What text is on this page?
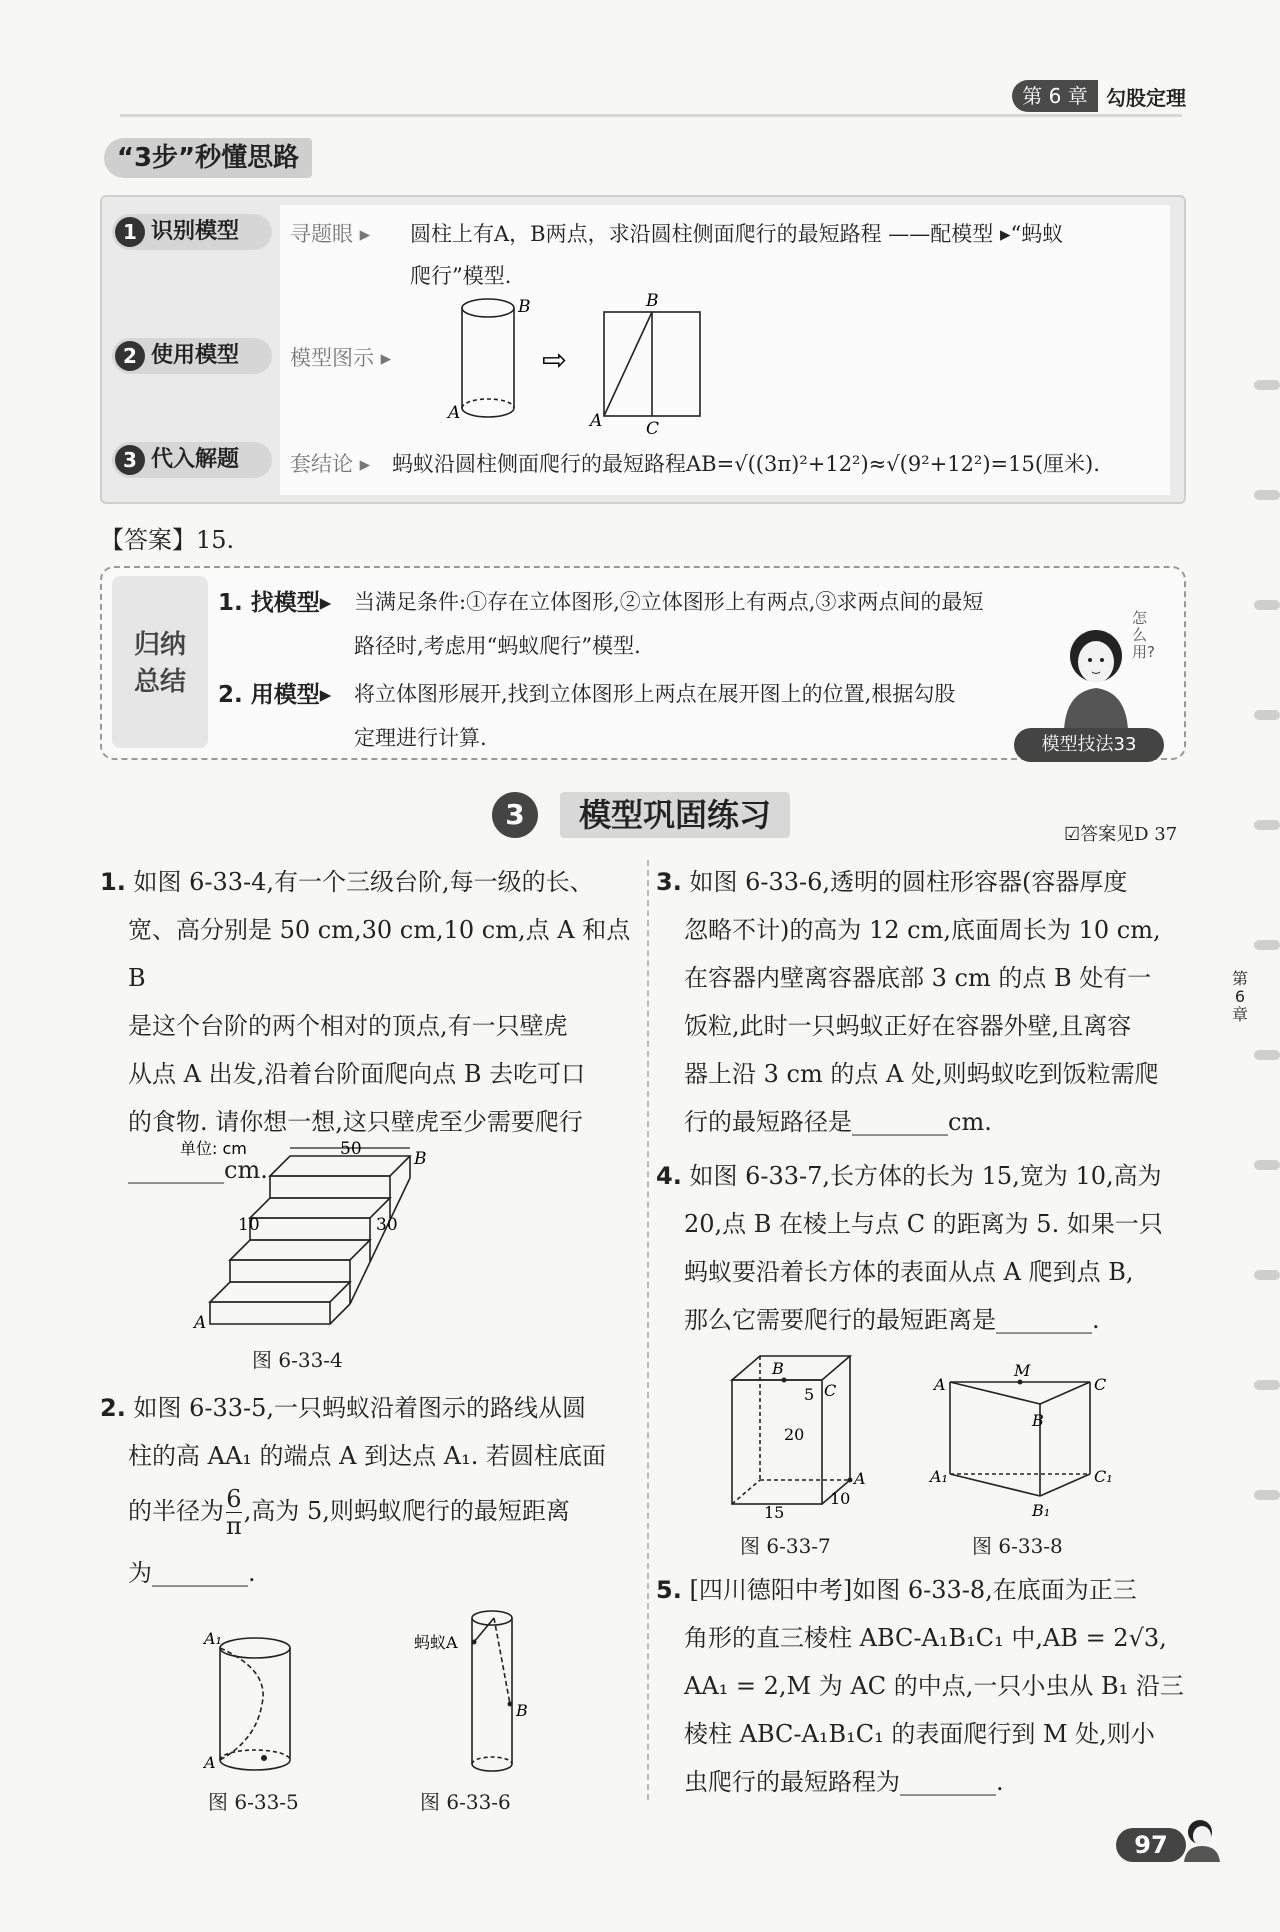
第 6 章 勾股定理
“3步”秒懂思路
1 识别模型	寻题眼 ▸ 圆柱上有A，B两点，求沿圆柱侧面爬行的最短路程 ——配模型 ▸“蚂蚁
爬行”模型.
2 使用模型	模型图示 ▸
B
A
⇨
B
A	C
3 代入解题	套结论 ▸ 蚂蚁沿圆柱侧面爬行的最短路程AB=√((3π)²+12²)≈√(9²+12²)=15(厘米).
【答案】15.
归纳
总结
1. 找模型▸ 当满足条件:①存在立体图形,②立体图形上有两点,③求两点间的最短
路径时,考虑用“蚂蚁爬行”模型.
2. 用模型▸ 将立体图形展开,找到立体图形上两点在展开图上的位置,根据勾股
定理进行计算.
怎么用?
模型技法33
3	模型巩固练习
☑答案见D 37
1. 如图 6-33-4,有一个三级台阶,每一级的长、
宽、高分别是 50 cm,30 cm,10 cm,点 A 和点 B
是这个台阶的两个相对的顶点,有一只壁虎
从点 A 出发,沿着台阶面爬向点 B 去吃可口
的食物. 请你想一想,这只壁虎至少需要爬行
________cm.
单位: cm	50
10	30
B
A
图 6-33-4
2. 如图 6-33-5,一只蚂蚁沿着图示的路线从圆
柱的高 AA₁ 的端点 A 到达点 A₁. 若圆柱底面
的半径为 $\frac{6}{\pi}$ ,高为 5,则蚂蚁爬行的最短距离
为________.
A₁
A
图 6-33-5
蚂蚁A
B
图 6-33-6
3. 如图 6-33-6,透明的圆柱形容器(容器厚度
忽略不计)的高为 12 cm,底面周长为 10 cm,
在容器内壁离容器底部 3 cm 的点 B 处有一
饭粒,此时一只蚂蚁正好在容器外壁,且离容
器上沿 3 cm 的点 A 处,则蚂蚁吃到饭粒需爬
行的最短路径是________cm.
4. 如图 6-33-7,长方体的长为 15,宽为 10,高为
20,点 B 在棱上与点 C 的距离为 5. 如果一只
蚂蚁要沿着长方体的表面从点 A 爬到点 B,
那么它需要爬行的最短距离是________.
B
C
5
20
A
10
15
图 6-33-7
M
A	C
B
A₁	C₁
B₁
图 6-33-8
5. [四川德阳中考]如图 6-33-8,在底面为正三
角形的直三棱柱 ABC-A₁B₁C₁ 中,AB = 2√3,
AA₁ = 2,M 为 AC 的中点,一只小虫从 B₁ 沿三
棱柱 ABC-A₁B₁C₁ 的表面爬行到 M 处,则小
虫爬行的最短路程为________.
第6章
97
